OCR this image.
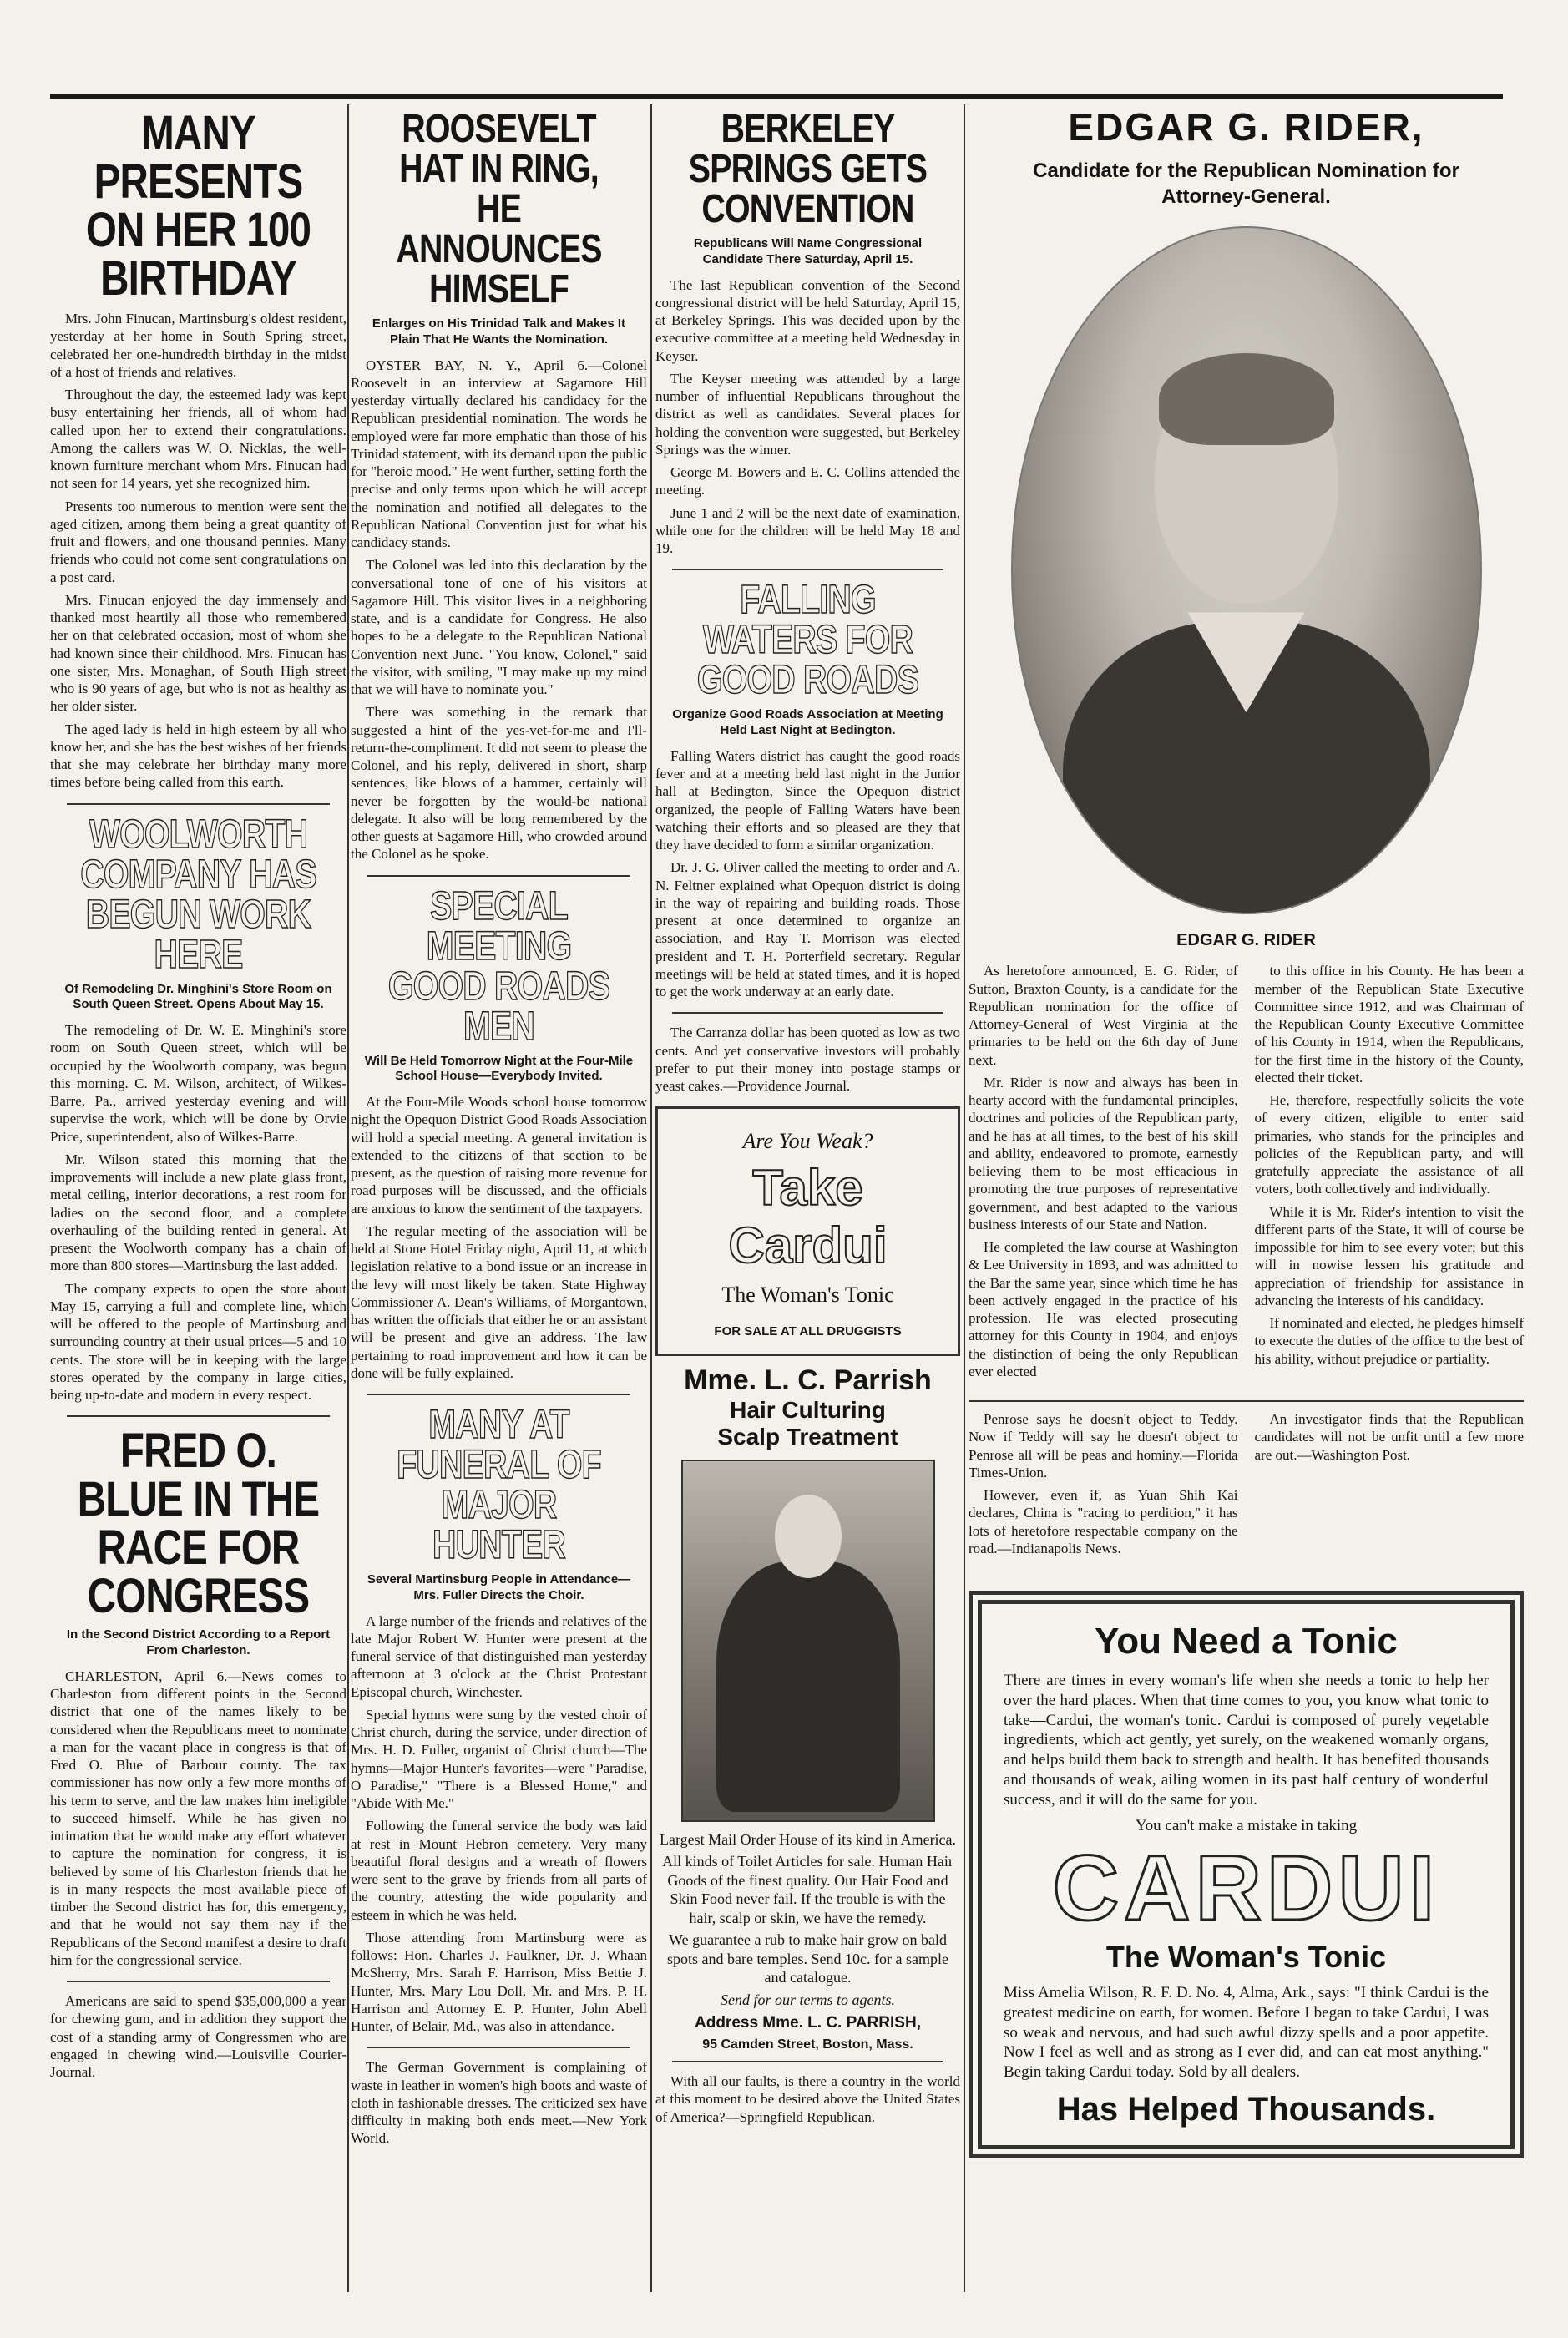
MANY PRESENTS ON HER 100 BIRTHDAY

Mrs. John Finucan, Martinsburg's oldest resident, yesterday at her home in South Spring street, celebrated her one-hundredth birthday in the midst of a host of friends and relatives.

Throughout the day, the esteemed lady was kept busy entertaining her friends, all of whom had called upon her to extend their congratulations. Among the callers was W. O. Nicklas, the well-known furniture merchant whom Mrs. Finucan had not seen for 14 years, yet she recognized him.

Presents too numerous to mention were sent the aged citizen, among them being a great quantity of fruit and flowers, and one thousand pennies. Many friends who could not come sent congratulations on a post card.

Mrs. Finucan enjoyed the day immensely and thanked most heartily all those who remembered her on that celebrated occasion, most of whom she had known since their childhood. Mrs. Finucan has one sister, Mrs. Monaghan, of South High street who is 90 years of age, but who is not as healthy as her older sister.

The aged lady is held in high esteem by all who know her, and she has the best wishes of her friends that she may celebrate her birthday many more times before being called from this earth.

WOOLWORTH COMPANY HAS BEGUN WORK HERE
Of Remodeling Dr. Minghini's Store Room on South Queen Street. Opens About May 15.

The remodeling of Dr. W. E. Minghini's store room on South Queen street, which will be occupied by the Woolworth company, was begun this morning. C. M. Wilson, architect, of Wilkes-Barre, Pa., arrived yesterday evening and will supervise the work, which will be done by Orvie Price, superintendent, also of Wilkes-Barre.

Mr. Wilson stated this morning that the improvements will include a new plate glass front, metal ceiling, interior decorations, a rest room for ladies on the second floor, and a complete overhauling of the building rented in general. At present the Woolworth company has a chain of more than 800 stores—Martinsburg the last added.

The company expects to open the store about May 15, carrying a full and complete line, which will be offered to the people of Martinsburg and surrounding country at their usual prices—5 and 10 cents. The store will be in keeping with the large stores operated by the company in large cities, being up-to-date and modern in every respect.

FRED O. BLUE IN THE RACE FOR CONGRESS
In the Second District According to a Report From Charleston.

CHARLESTON, April 6.—News comes to Charleston from different points in the Second district that one of the names likely to be considered when the Republicans meet to nominate a man for the vacant place in congress is that of Fred O. Blue of Barbour county. The tax commissioner has now only a few more months of his term to serve, and the law makes him ineligible to succeed himself. While he has given no intimation that he would make any effort whatever to capture the nomination for congress, it is believed by some of his Charleston friends that he is in many respects the most available piece of timber the Second district has for, this emergency, and that he would not say them nay if the Republicans of the Second manifest a desire to draft him for the congressional service.

Americans are said to spend $35,000,000 a year for chewing gum, and in addition they support the cost of a standing army of Congressmen who are engaged in chewing wind.—Louisville Courier-Journal.

ROOSEVELT HAT IN RING, HE ANNOUNCES HIMSELF
Enlarges on His Trinidad Talk and Makes It Plain That He Wants the Nomination.

OYSTER BAY, N. Y., April 6.—Colonel Roosevelt in an interview at Sagamore Hill yesterday virtually declared his candidacy for the Republican presidential nomination. The words he employed were far more emphatic than those of his Trinidad statement, with its demand upon the public for "heroic mood." He went further, setting forth the precise and only terms upon which he will accept the nomination and notified all delegates to the Republican National Convention just for what his candidacy stands.

The Colonel was led into this declaration by the conversational tone of one of his visitors at Sagamore Hill. This visitor lives in a neighboring state, and is a candidate for Congress. He also hopes to be a delegate to the Republican National Convention next June. "You know, Colonel," said the visitor, with smiling, "I may make up my mind that we will have to nominate you."

There was something in the remark that suggested a hint of the yes-vet-for-me and I'll-return-the-compliment. It did not seem to please the Colonel, and his reply, delivered in short, sharp sentences, like blows of a hammer, certainly will never be forgotten by the would-be national delegate. It also will be long remembered by the other guests at Sagamore Hill, who crowded around the Colonel as he spoke.

SPECIAL MEETING GOOD ROADS MEN
Will Be Held Tomorrow Night at the Four-Mile School House—Everybody Invited.

At the Four-Mile Woods school house tomorrow night the Opequon District Good Roads Association will hold a special meeting. A general invitation is extended to the citizens of that section to be present, as the question of raising more revenue for road purposes will be discussed, and the officials are anxious to know the sentiment of the taxpayers.

The regular meeting of the association will be held at Stone Hotel Friday night, April 11, at which legislation relative to a bond issue or an increase in the levy will most likely be taken. State Highway Commissioner A. Dean's Williams, of Morgantown, has written the officials that either he or an assistant will be present and give an address. The law pertaining to road improvement and how it can be done will be fully explained.

MANY AT FUNERAL OF MAJOR HUNTER
Several Martinsburg People in Attendance—Mrs. Fuller Directs the Choir.

A large number of the friends and relatives of the late Major Robert W. Hunter were present at the funeral service of that distinguished man yesterday afternoon at 3 o'clock at the Christ Protestant Episcopal church, Winchester.

Special hymns were sung by the vested choir of Christ church, during the service, under direction of Mrs. H. D. Fuller, organist of Christ church—The hymns—Major Hunter's favorites—were "Paradise, O Paradise," "There is a Blessed Home," and "Abide With Me."

Following the funeral service the body was laid at rest in Mount Hebron cemetery. Very many beautiful floral designs and a wreath of flowers were sent to the grave by friends from all parts of the country, attesting the wide popularity and esteem in which he was held.

Those attending from Martinsburg were as follows: Hon. Charles J. Faulkner, Dr. J. Whaan McSherry, Mrs. Sarah F. Harrison, Miss Bettie J. Hunter, Mrs. Mary Lou Doll, Mr. and Mrs. P. H. Harrison and Attorney E. P. Hunter, John Abell Hunter, of Belair, Md., was also in attendance.

The German Government is complaining of waste in leather in women's high boots and waste of cloth in fashionable dresses. The criticized sex have difficulty in making both ends meet.—New York World.

BERKELEY SPRINGS GETS CONVENTION
Republicans Will Name Congressional Candidate There Saturday, April 15.

The last Republican convention of the Second congressional district will be held Saturday, April 15, at Berkeley Springs. This was decided upon by the executive committee at a meeting held Wednesday in Keyser.

The Keyser meeting was attended by a large number of influential Republicans throughout the district as well as candidates. Several places for holding the convention were suggested, but Berkeley Springs was the winner.

George M. Bowers and E. C. Collins attended the meeting.

June 1 and 2 will be the next date of examination, while one for the children will be held May 18 and 19.

FALLING WATERS FOR GOOD ROADS
Organize Good Roads Association at Meeting Held Last Night at Bedington.

Falling Waters district has caught the good roads fever and at a meeting held last night in the Junior hall at Bedington, Since the Opequon district organized, the people of Falling Waters have been watching their efforts and so pleased are they that they have decided to form a similar organization.

Dr. J. G. Oliver called the meeting to order and A. N. Feltner explained what Opequon district is doing in the way of repairing and building roads. Those present at once determined to organize an association, and Ray T. Morrison was elected president and T. H. Porterfield secretary. Regular meetings will be held at stated times, and it is hoped to get the work underway at an early date.

The Carranza dollar has been quoted as low as two cents. And yet conservative investors will probably prefer to put their money into postage stamps or yeast cakes.—Providence Journal.

Are You Weak?
Take Cardui
The Woman's Tonic
FOR SALE AT ALL DRUGGISTS
Mme. L. C. Parrish
Hair Culturing
Scalp Treatment
Largest Mail Order House of its kind in America.
All kinds of Toilet Articles for sale. Human Hair Goods of the finest quality. Our Hair Food and Skin Food never fail. If the trouble is with the hair, scalp or skin, we have the remedy.
We guarantee a rub to make hair grow on bald spots and bare temples. Send 10c. for a sample and catalogue.
Send for our terms to agents.
Address Mme. L. C. PARRISH,
95 Camden Street, Boston, Mass.

With all our faults, is there a country in the world at this moment to be desired above the United States of America?—Springfield Republican.

EDGAR G. RIDER,
Candidate for the Republican Nomination for
Attorney-General.
EDGAR G. RIDER

As heretofore announced, E. G. Rider, of Sutton, Braxton County, is a candidate for the Republican nomination for the office of Attorney-General of West Virginia at the primaries to be held on the 6th day of June next.

Mr. Rider is now and always has been in hearty accord with the fundamental principles, doctrines and policies of the Republican party, and he has at all times, to the best of his skill and ability, endeavored to promote, earnestly believing them to be most efficacious in promoting the true purposes of representative government, and best adapted to the various business interests of our State and Nation.

He completed the law course at Washington & Lee University in 1893, and was admitted to the Bar the same year, since which time he has been actively engaged in the practice of his profession. He was elected prosecuting attorney for this County in 1904, and enjoys the distinction of being the only Republican ever elected

to this office in his County. He has been a member of the Republican State Executive Committee since 1912, and was Chairman of the Republican County Executive Committee of his County in 1914, when the Republicans, for the first time in the history of the County, elected their ticket.

He, therefore, respectfully solicits the vote of every citizen, eligible to enter said primaries, who stands for the principles and policies of the Republican party, and will gratefully appreciate the assistance of all voters, both collectively and individually.

While it is Mr. Rider's intention to visit the different parts of the State, it will of course be impossible for him to see every voter; but this will in nowise lessen his gratitude and appreciation of friendship for assistance in advancing the interests of his candidacy.

If nominated and elected, he pledges himself to execute the duties of the office to the best of his ability, without prejudice or partiality.

Penrose says he doesn't object to Teddy. Now if Teddy will say he doesn't object to Penrose all will be peas and hominy.—Florida Times-Union.

However, even if, as Yuan Shih Kai declares, China is "racing to perdition," it has lots of heretofore respectable company on the road.—Indianapolis News.

An investigator finds that the Republican candidates will not be unfit until a few more are out.—Washington Post.

You Need a Tonic
There are times in every woman's life when she needs a tonic to help her over the hard places. When that time comes to you, you know what tonic to take—Cardui, the woman's tonic. Cardui is composed of purely vegetable ingredients, which act gently, yet surely, on the weakened womanly organs, and helps build them back to strength and health. It has benefited thousands and thousands of weak, ailing women in its past half century of wonderful success, and it will do the same for you.
You can't make a mistake in taking
CARDUI
The Woman's Tonic
Miss Amelia Wilson, R. F. D. No. 4, Alma, Ark., says: "I think Cardui is the greatest medicine on earth, for women. Before I began to take Cardui, I was so weak and nervous, and had such awful dizzy spells and a poor appetite. Now I feel as well and as strong as I ever did, and can eat most anything." Begin taking Cardui today. Sold by all dealers.
Has Helped Thousands.
